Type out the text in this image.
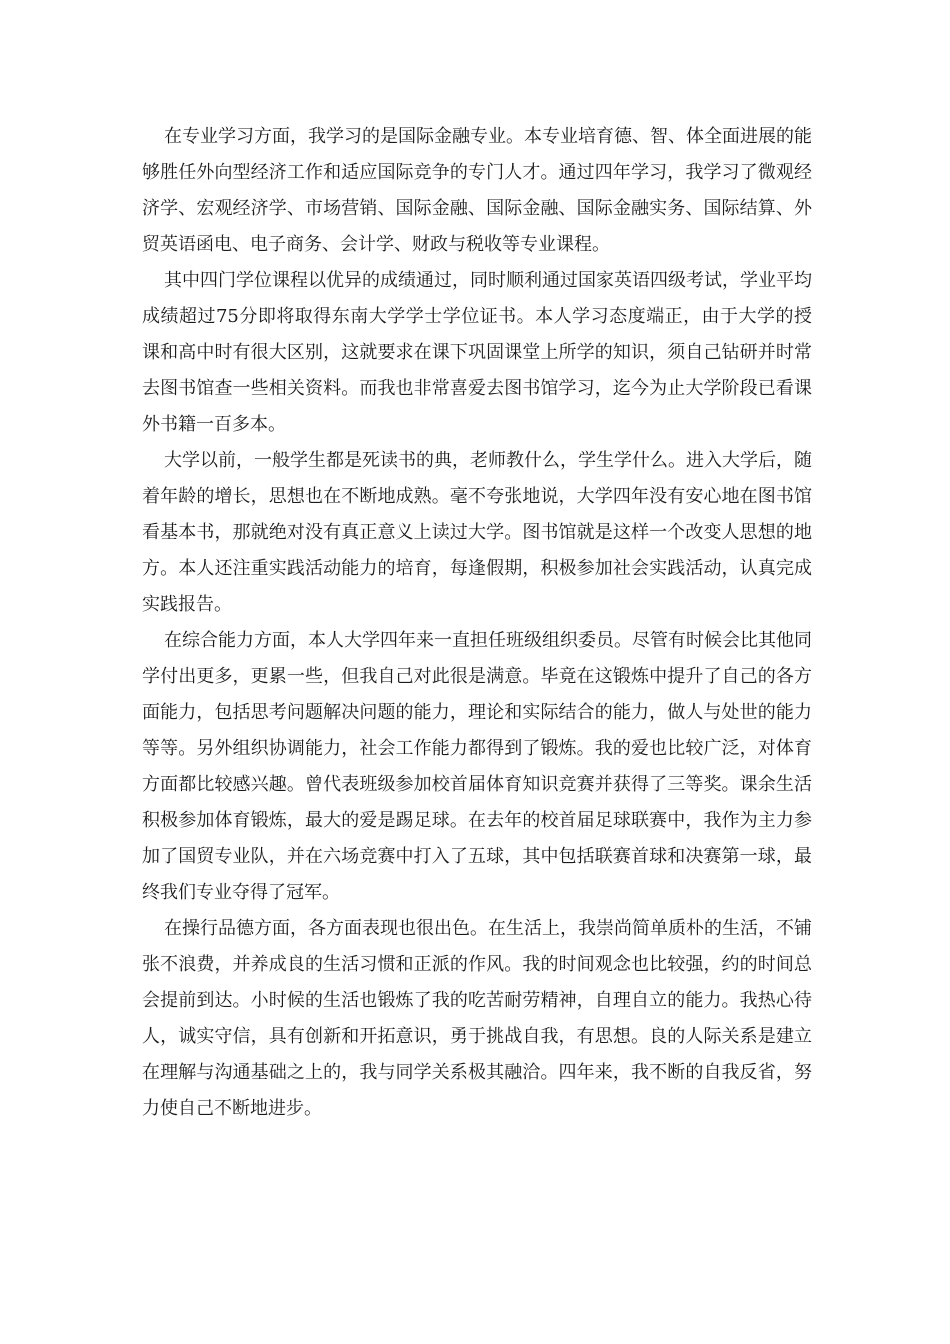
在专业学习方面，我学习的是国际金融专业。本专业培育德、智、体全面进展的能够胜任外向型经济工作和适应国际竞争的专门人才。通过四年学习，我学习了微观经济学、宏观经济学、市场营销、国际金融、国际金融、国际金融实务、国际结算、外贸英语函电、电子商务、会计学、财政与税收等专业课程。

其中四门学位课程以优异的成绩通过，同时顺利通过国家英语四级考试，学业平均成绩超过75分即将取得东南大学学士学位证书。本人学习态度端正，由于大学的授课和高中时有很大区别，这就要求在课下巩固课堂上所学的知识，须自己钻研并时常去图书馆查一些相关资料。而我也非常喜爱去图书馆学习，迄今为止大学阶段已看课外书籍一百多本。

大学以前，一般学生都是死读书的典，老师教什么，学生学什么。进入大学后，随着年龄的增长，思想也在不断地成熟。毫不夸张地说，大学四年没有安心地在图书馆看基本书，那就绝对没有真正意义上读过大学。图书馆就是这样一个改变人思想的地方。本人还注重实践活动能力的培育，每逢假期，积极参加社会实践活动，认真完成实践报告。

在综合能力方面，本人大学四年来一直担任班级组织委员。尽管有时候会比其他同学付出更多，更累一些，但我自己对此很是满意。毕竟在这锻炼中提升了自己的各方面能力，包括思考问题解决问题的能力，理论和实际结合的能力，做人与处世的能力等等。另外组织协调能力，社会工作能力都得到了锻炼。我的爱也比较广泛，对体育方面都比较感兴趣。曾代表班级参加校首届体育知识竞赛并获得了三等奖。课余生活积极参加体育锻炼，最大的爱是踢足球。在去年的校首届足球联赛中，我作为主力参加了国贸专业队，并在六场竞赛中打入了五球，其中包括联赛首球和决赛第一球，最终我们专业夺得了冠军。

在操行品德方面，各方面表现也很出色。在生活上，我崇尚简单质朴的生活，不铺张不浪费，并养成良的生活习惯和正派的作风。我的时间观念也比较强，约的时间总会提前到达。小时候的生活也锻炼了我的吃苦耐劳精神，自理自立的能力。我热心待人，诚实守信，具有创新和开拓意识，勇于挑战自我，有思想。良的人际关系是建立在理解与沟通基础之上的，我与同学关系极其融洽。四年来，我不断的自我反省，努力使自己不断地进步。
